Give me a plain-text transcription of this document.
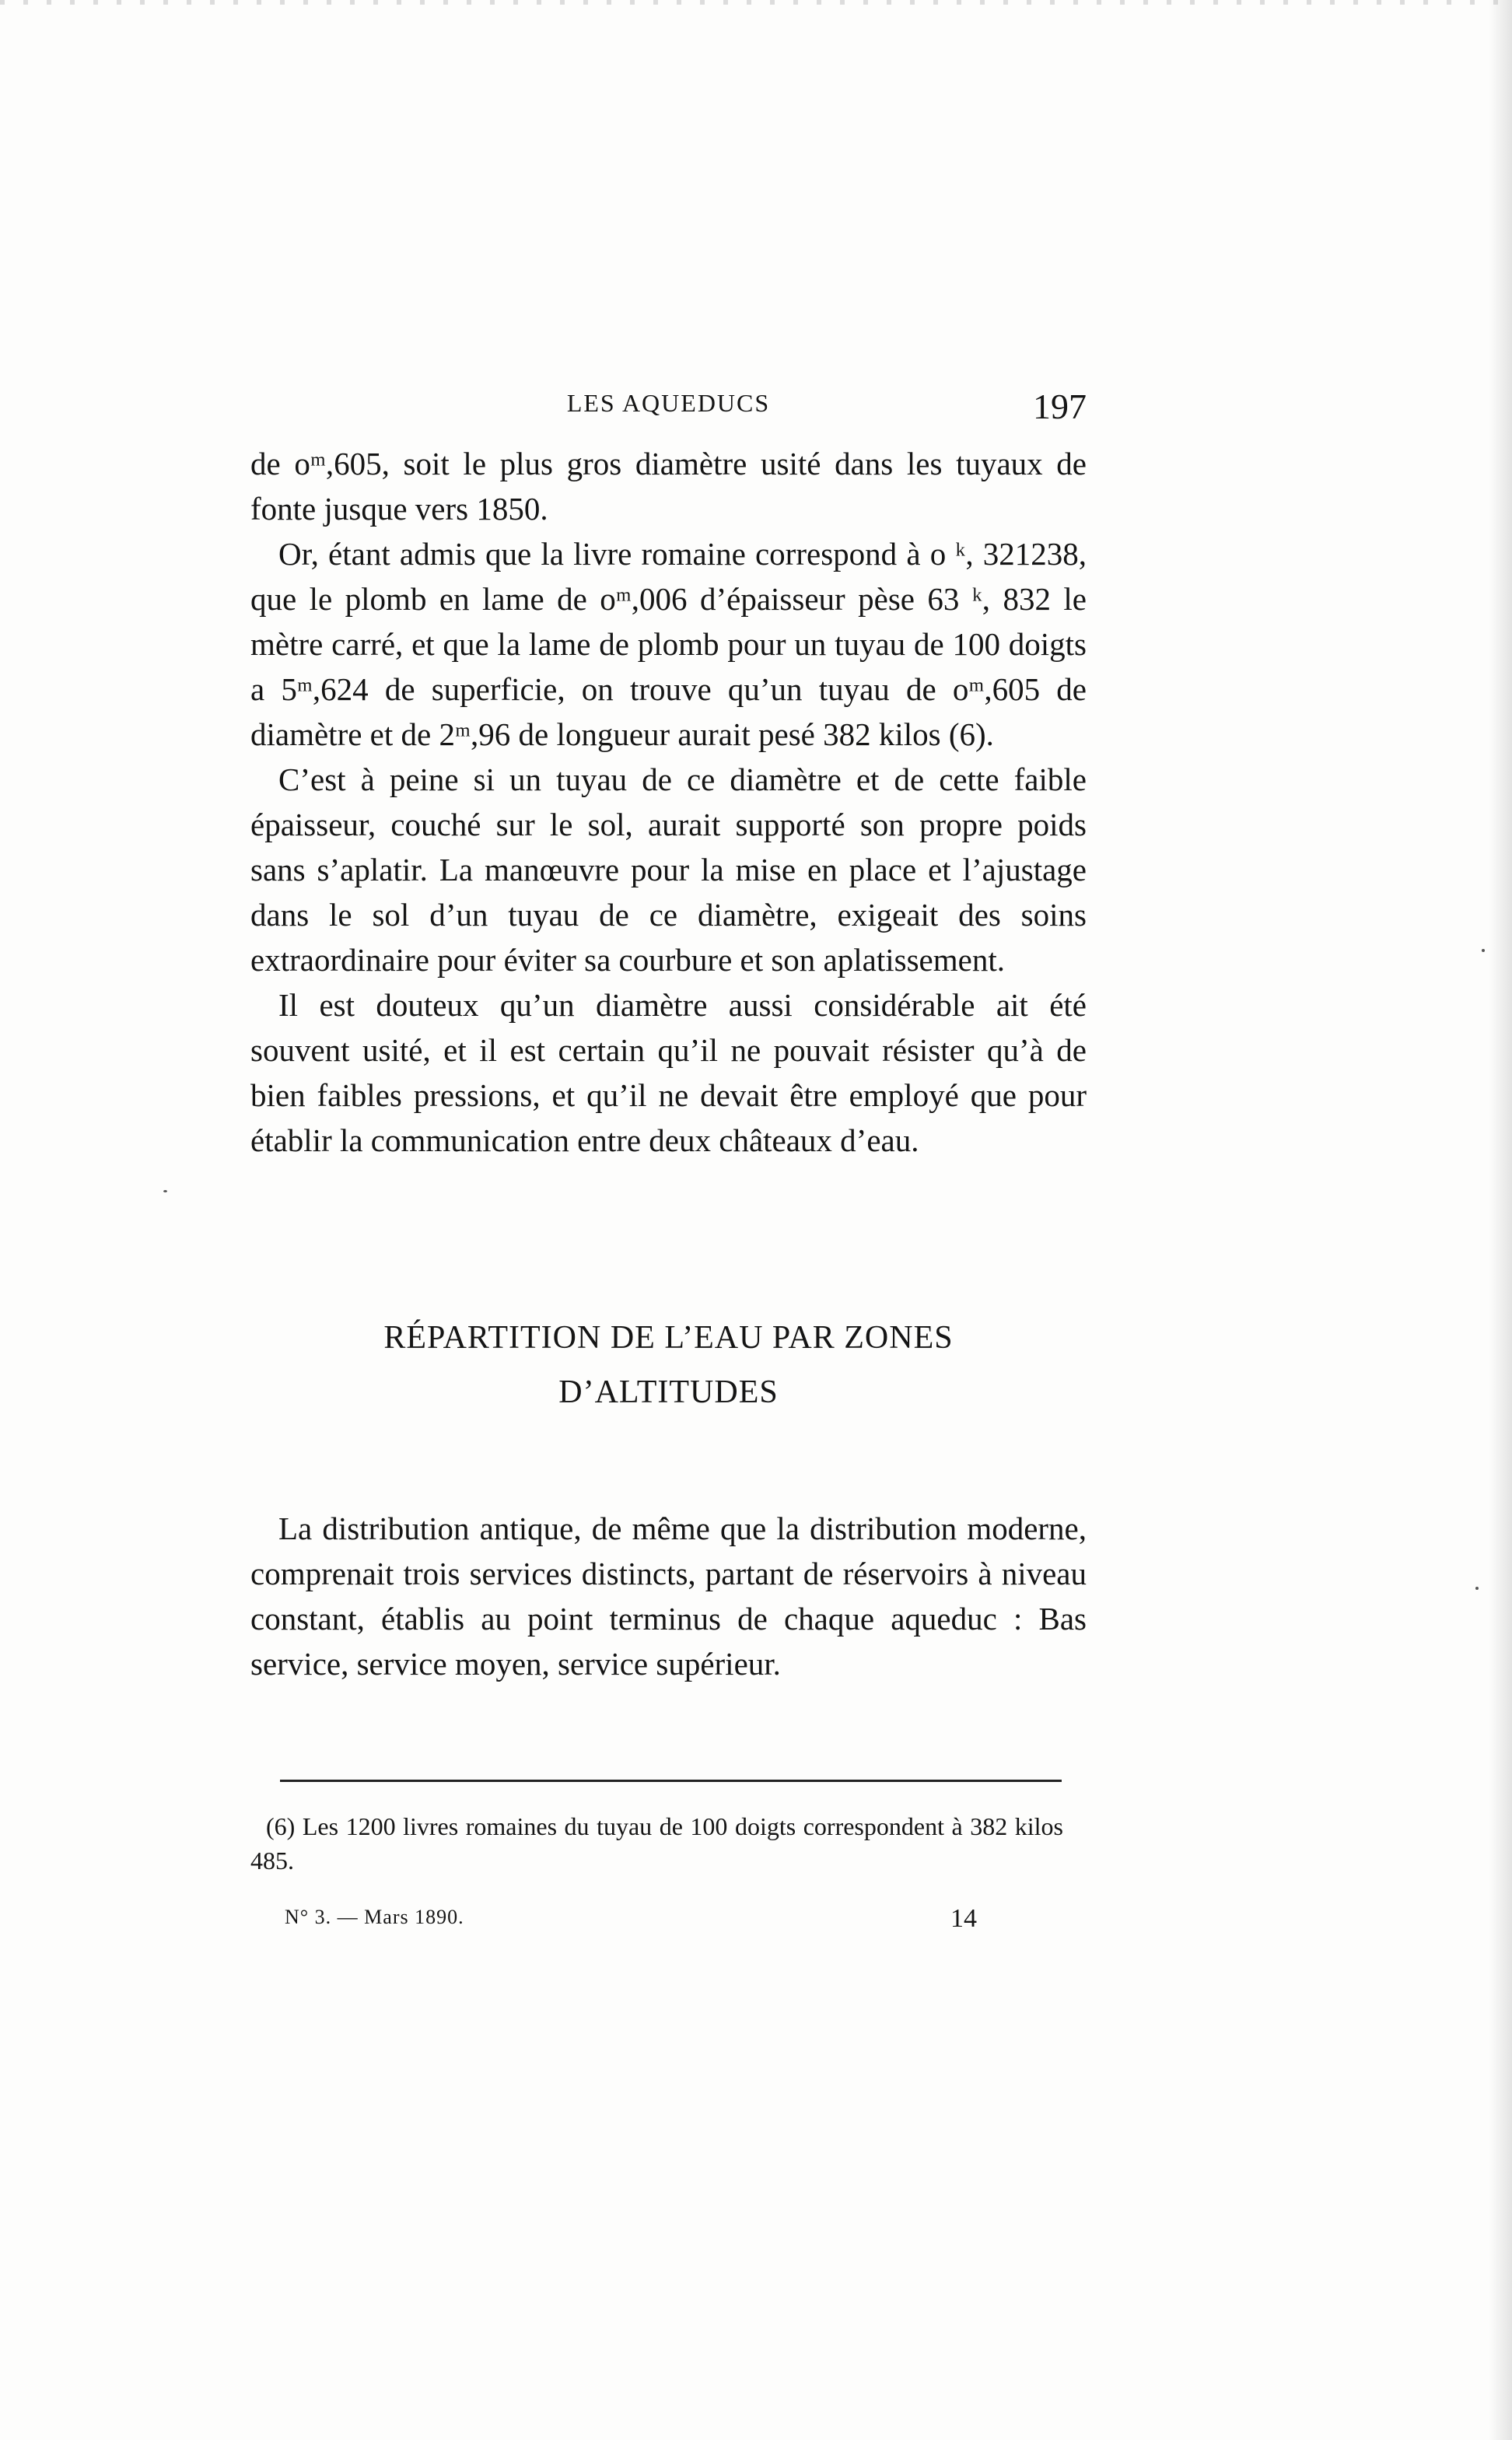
LES AQUEDUCS	197

de oᵐ,605, soit le plus gros diamètre usité dans les tuyaux de fonte jusque vers 1850.

Or, étant admis que la livre romaine correspond à o ᵏ, 321238, que le plomb en lame de oᵐ,006 d’épaisseur pèse 63 ᵏ, 832 le mètre carré, et que la lame de plomb pour un tuyau de 100 doigts a 5ᵐ,624 de superficie, on trouve qu’un tuyau de oᵐ,605 de diamètre et de 2ᵐ,96 de longueur aurait pesé 382 kilos (6).

C’est à peine si un tuyau de ce diamètre et de cette faible épaisseur, couché sur le sol, aurait supporté son propre poids sans s’aplatir. La manœuvre pour la mise en place et l’ajustage dans le sol d’un tuyau de ce diamètre, exigeait des soins extraordinaire pour éviter sa courbure et son aplatissement.

Il est douteux qu’un diamètre aussi considérable ait été souvent usité, et il est certain qu’il ne pouvait résister qu’à de bien faibles pressions, et qu’il ne devait être employé que pour établir la communication entre deux châteaux d’eau.

RÉPARTITION DE L’EAU PAR ZONES
D’ALTITUDES

La distribution antique, de même que la distribution moderne, comprenait trois services distincts, partant de réservoirs à niveau constant, établis au point terminus de chaque aqueduc : Bas service, service moyen, service supérieur.

(6) Les 1200 livres romaines du tuyau de 100 doigts correspondent à 382 kilos 485.

N° 3. — Mars 1890.	14
